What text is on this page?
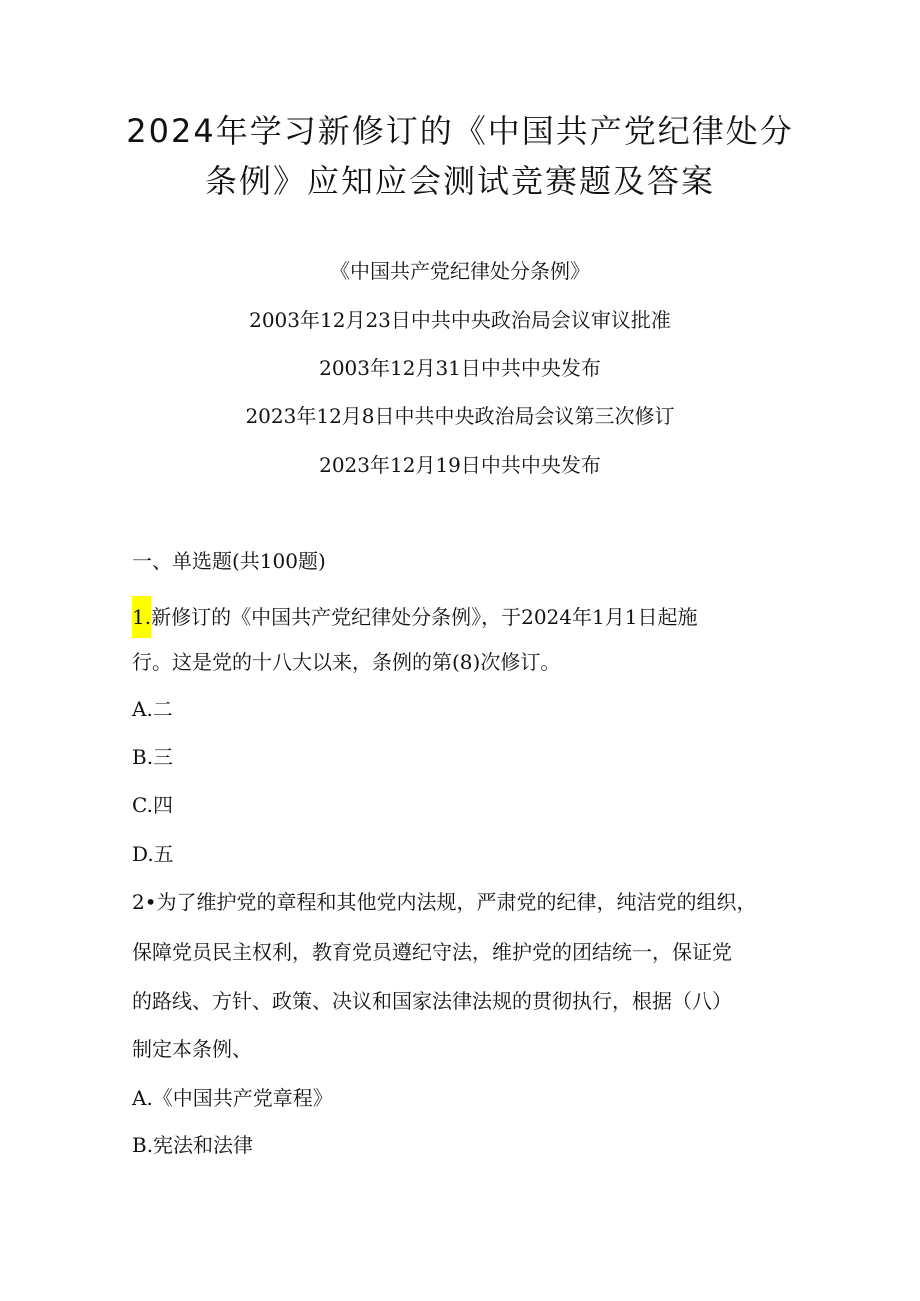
2024年学习新修订的《中国共产党纪律处分
条例》应知应会测试竞赛题及答案
《中国共产党纪律处分条例》
2003年12月23日中共中央政治局会议审议批准
2003年12月31日中共中央发布
2023年12月8日中共中央政治局会议第三次修订
2023年12月19日中共中央发布
一、单选题(共100题)
1.新修订的《中国共产党纪律处分条例》，于2024年1月1日起施
行。这是党的十八大以来，条例的第(8)次修订。
A.二
B.三
C.四
D.五
2•为了维护党的章程和其他党内法规，严肃党的纪律，纯洁党的组织，
保障党员民主权利，教育党员遵纪守法，维护党的团结统一，保证党
的路线、方针、政策、决议和国家法律法规的贯彻执行，根据（八）
制定本条例、
A.《中国共产党章程》
B.宪法和法律
